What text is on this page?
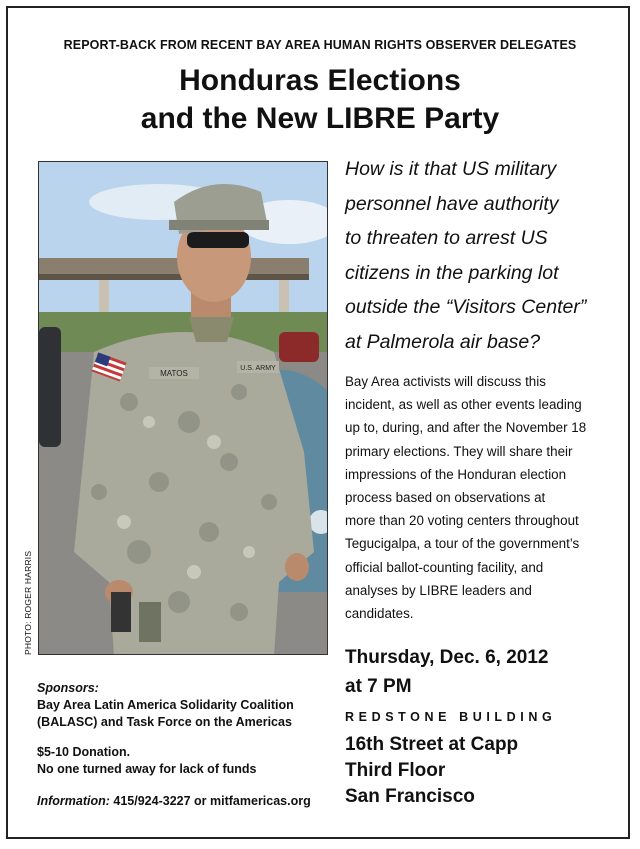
REPORT-BACK FROM RECENT BAY AREA HUMAN RIGHTS OBSERVER DELEGATES
Honduras Elections
and the New LIBRE Party
MATOS
U.S. ARMY
PHOTO: ROGER HARRIS
How is it that US military
personnel have authority
to threaten to arrest US
citizens in the parking lot
outside the “Visitors Center”
at Palmerola air base?
Bay Area activists will discuss this
incident, as well as other events leading
up to, during, and after the November 18
primary elections. They will share their
impressions of the Honduran election
process based on observations at
more than 20 voting centers throughout
Tegucigalpa, a tour of the government’s
official ballot-counting facility, and
analyses by LIBRE leaders and
candidates.
Thursday, Dec. 6, 2012
at 7 PM
REDSTONE BUILDING
16th Street at Capp
Third Floor
San Francisco
Sponsors:
Bay Area Latin America Solidarity Coalition
(BALASC) and Task Force on the Americas
$5-10 Donation.
No one turned away for lack of funds
Information: 415/924-3227 or mitfamericas.org
